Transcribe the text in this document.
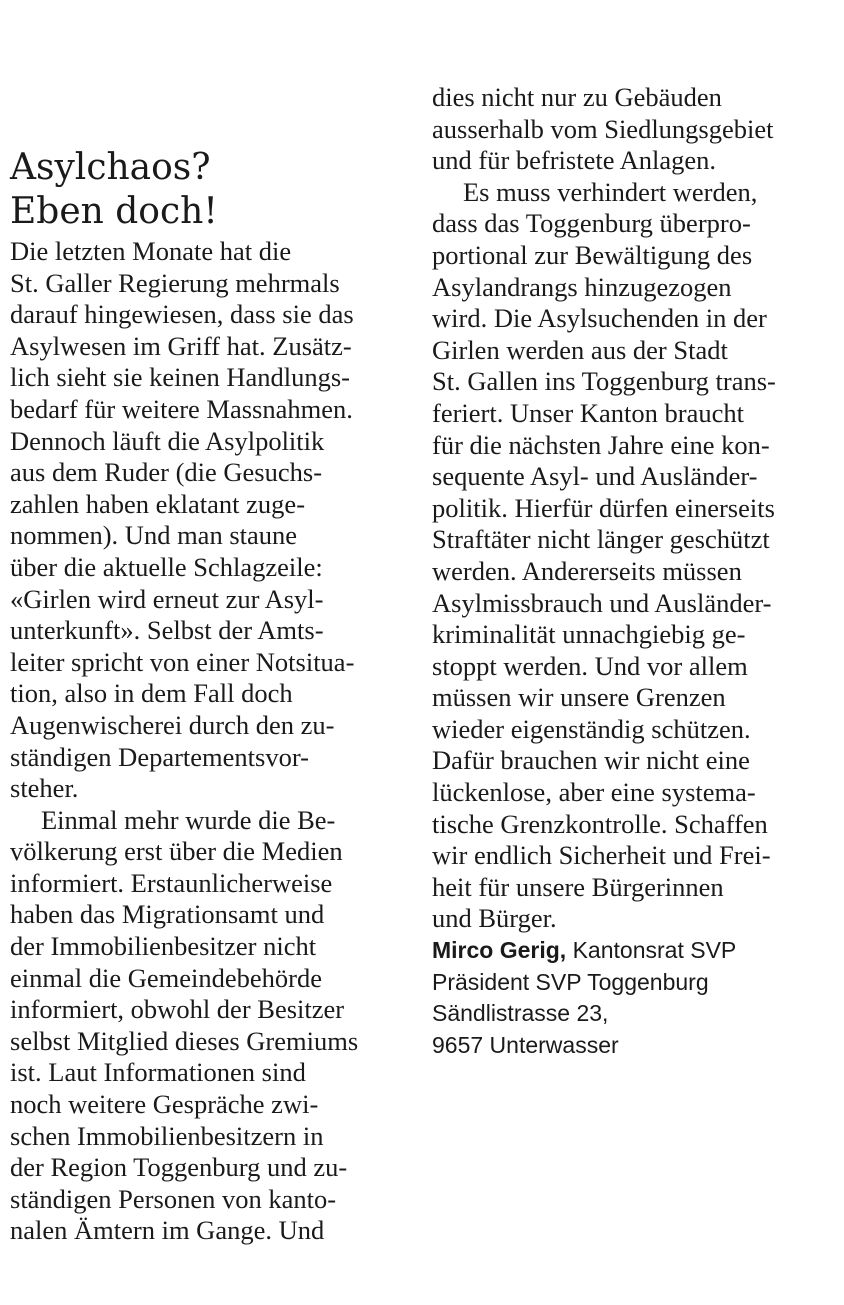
Asylchaos?
Eben doch!
Die letzten Monate hat die
St. Galler Regierung mehrmals
darauf hingewiesen, dass sie das
Asylwesen im Griff hat. Zusätz-
lich sieht sie keinen Handlungs-
bedarf für weitere Massnahmen.
Dennoch läuft die Asylpolitik
aus dem Ruder (die Gesuchs-
zahlen haben eklatant zuge-
nommen). Und man staune
über die aktuelle Schlagzeile:
«Girlen wird erneut zur Asyl-
unterkunft». Selbst der Amts-
leiter spricht von einer Notsitua-
tion, also in dem Fall doch
Augenwischerei durch den zu-
ständigen Departementsvor-
steher.
Einmal mehr wurde die Be-
völkerung erst über die Medien
informiert. Erstaunlicherweise
haben das Migrationsamt und
der Immobilienbesitzer nicht
einmal die Gemeindebehörde
informiert, obwohl der Besitzer
selbst Mitglied dieses Gremiums
ist. Laut Informationen sind
noch weitere Gespräche zwi-
schen Immobilienbesitzern in
der Region Toggenburg und zu-
ständigen Personen von kanto-
nalen Ämtern im Gange. Und
dies nicht nur zu Gebäuden
ausserhalb vom Siedlungsgebiet
und für befristete Anlagen.
Es muss verhindert werden,
dass das Toggenburg überpro-
portional zur Bewältigung des
Asylandrangs hinzugezogen
wird. Die Asylsuchenden in der
Girlen werden aus der Stadt
St. Gallen ins Toggenburg trans-
feriert. Unser Kanton braucht
für die nächsten Jahre eine kon-
sequente Asyl- und Ausländer-
politik. Hierfür dürfen einerseits
Straftäter nicht länger geschützt
werden. Andererseits müssen
Asylmissbrauch und Ausländer-
kriminalität unnachgiebig ge-
stoppt werden. Und vor allem
müssen wir unsere Grenzen
wieder eigenständig schützen.
Dafür brauchen wir nicht eine
lückenlose, aber eine systema-
tische Grenzkontrolle. Schaffen
wir endlich Sicherheit und Frei-
heit für unsere Bürgerinnen
und Bürger.
Mirco Gerig, Kantonsrat SVP
Präsident SVP Toggenburg
Sändlistrasse 23,
9657 Unterwasser
